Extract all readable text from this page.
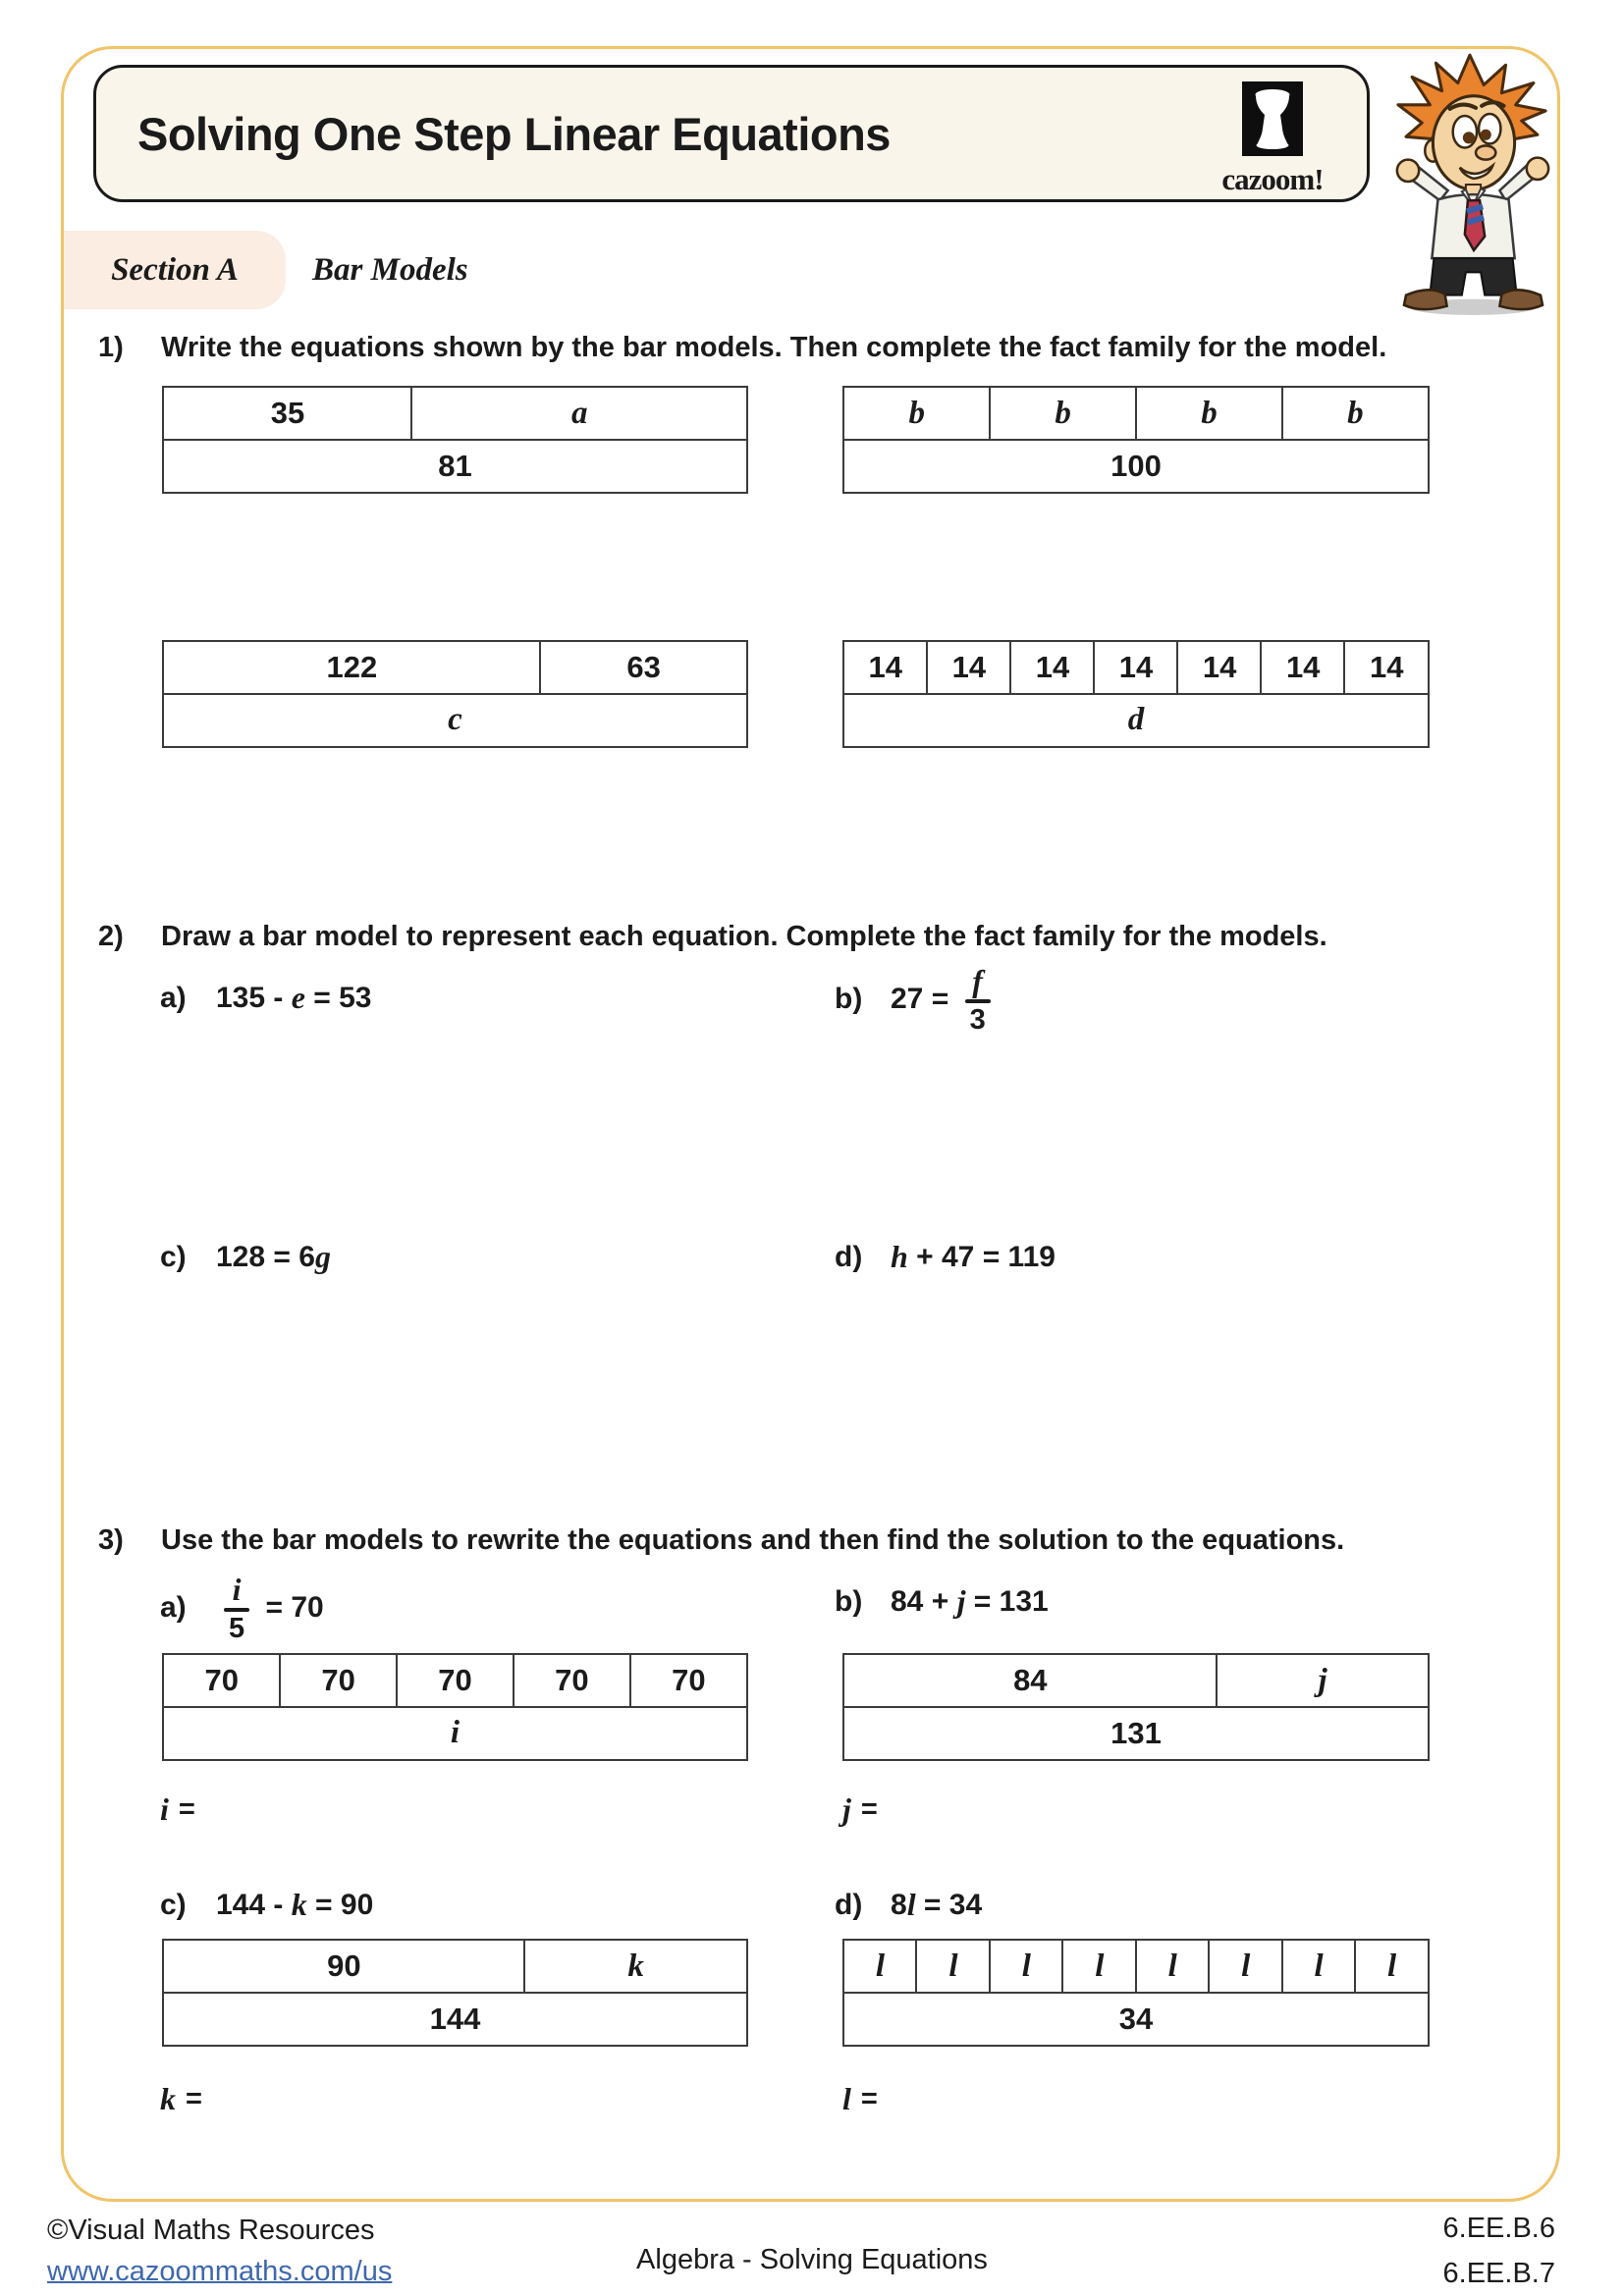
Solving One Step Linear Equations
cazoom!
Section A Bar Models
1)	Write the equations shown by the bar models. Then complete the fact family for the model.
35	a
81
b	b	b	b
100
122	63
c
14	14	14	14	14	14	14
d
2)	Draw a bar model to represent each equation. Complete the fact family for the models.
a)	135 - e = 53	b) $27 = \frac{f}{3}$
c)	128 = 6 g	d) h + 47 = 119
3)	Use the bar models to rewrite the equations and then find the solution to the equations.
a)	$\frac{i}{5} = 70$	b) 84 + j = 131
70	70	70	70	70
i
84	j
131
i =	j =
c)	144 - k = 90	d) 8 l = 34
90	k
144
l	l	l	l	l	l	l	l
34
k =	l =
©Visual Maths Resources
www.cazoommaths.com/us	Algebra - Solving Equations
6.EE.B.6
6.EE.B.7
